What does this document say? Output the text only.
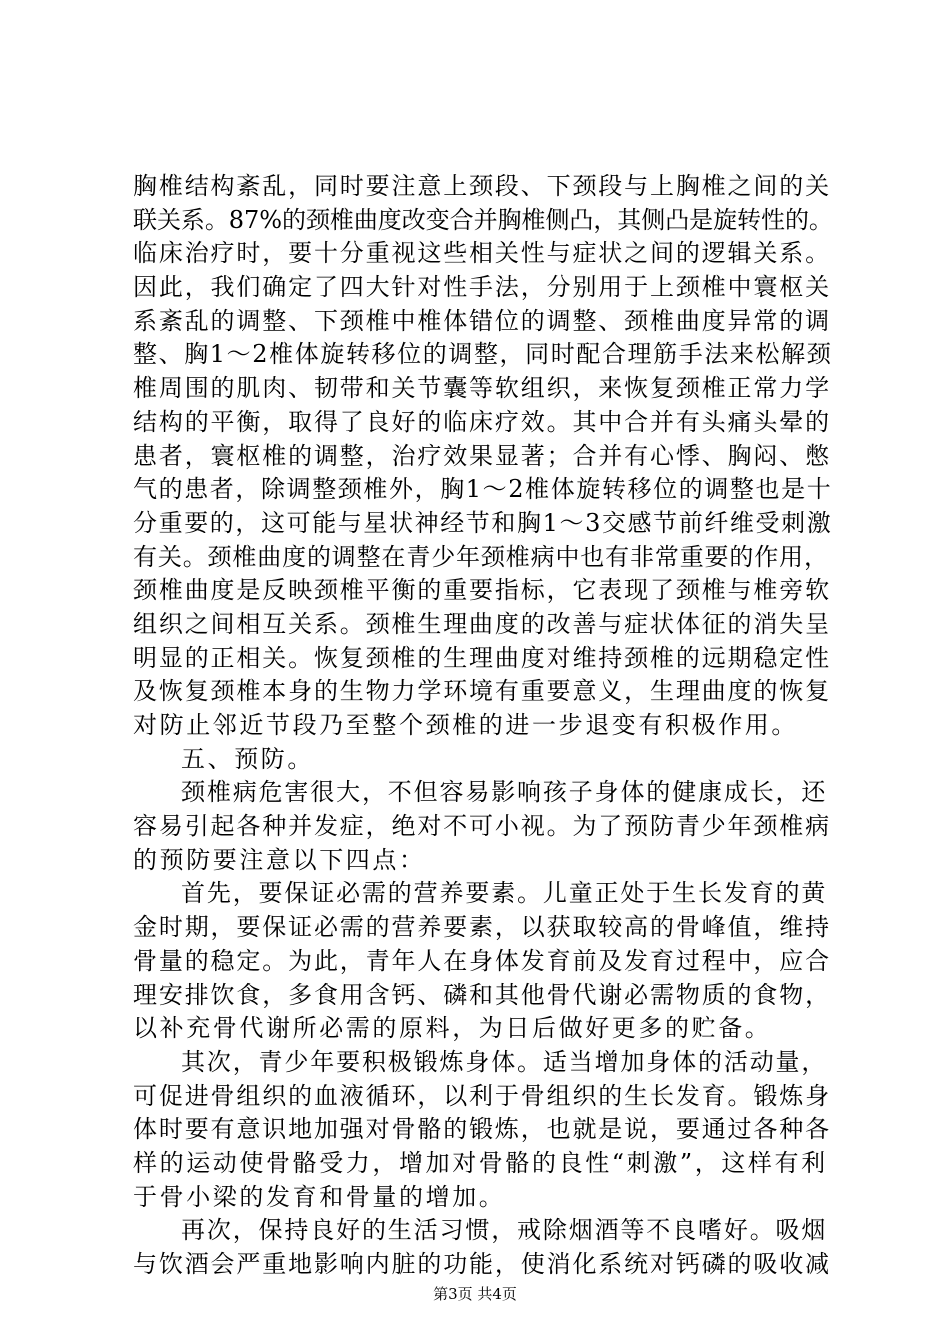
胸椎结构紊乱，同时要注意上颈段、下颈段与上胸椎之间的关
联关系。87%的颈椎曲度改变合并胸椎侧凸，其侧凸是旋转性的。
临床治疗时，要十分重视这些相关性与症状之间的逻辑关系。
因此，我们确定了四大针对性手法，分别用于上颈椎中寰枢关
系紊乱的调整、下颈椎中椎体错位的调整、颈椎曲度异常的调
整、胸1～2椎体旋转移位的调整，同时配合理筋手法来松解颈
椎周围的肌肉、韧带和关节囊等软组织，来恢复颈椎正常力学
结构的平衡，取得了良好的临床疗效。其中合并有头痛头晕的
患者，寰枢椎的调整，治疗效果显著；合并有心悸、胸闷、憋
气的患者，除调整颈椎外，胸1～2椎体旋转移位的调整也是十
分重要的，这可能与星状神经节和胸1～3交感节前纤维受刺激
有关。颈椎曲度的调整在青少年颈椎病中也有非常重要的作用，
颈椎曲度是反映颈椎平衡的重要指标，它表现了颈椎与椎旁软
组织之间相互关系。颈椎生理曲度的改善与症状体征的消失呈
明显的正相关。恢复颈椎的生理曲度对维持颈椎的远期稳定性
及恢复颈椎本身的生物力学环境有重要意义，生理曲度的恢复
对防止邻近节段乃至整个颈椎的进一步退变有积极作用。
五、预防。
颈椎病危害很大，不但容易影响孩子身体的健康成长，还
容易引起各种并发症，绝对不可小视。为了预防青少年颈椎病
的预防要注意以下四点：
首先，要保证必需的营养要素。儿童正处于生长发育的黄
金时期，要保证必需的营养要素，以获取较高的骨峰值，维持
骨量的稳定。为此，青年人在身体发育前及发育过程中，应合
理安排饮食，多食用含钙、磷和其他骨代谢必需物质的食物，
以补充骨代谢所必需的原料，为日后做好更多的贮备。
其次，青少年要积极锻炼身体。适当增加身体的活动量，
可促进骨组织的血液循环，以利于骨组织的生长发育。锻炼身
体时要有意识地加强对骨骼的锻炼，也就是说，要通过各种各
样的运动使骨骼受力，增加对骨骼的良性“刺激”，这样有利
于骨小梁的发育和骨量的增加。
再次，保持良好的生活习惯，戒除烟酒等不良嗜好。吸烟
与饮酒会严重地影响内脏的功能，使消化系统对钙磷的吸收减
第3页 共4页
